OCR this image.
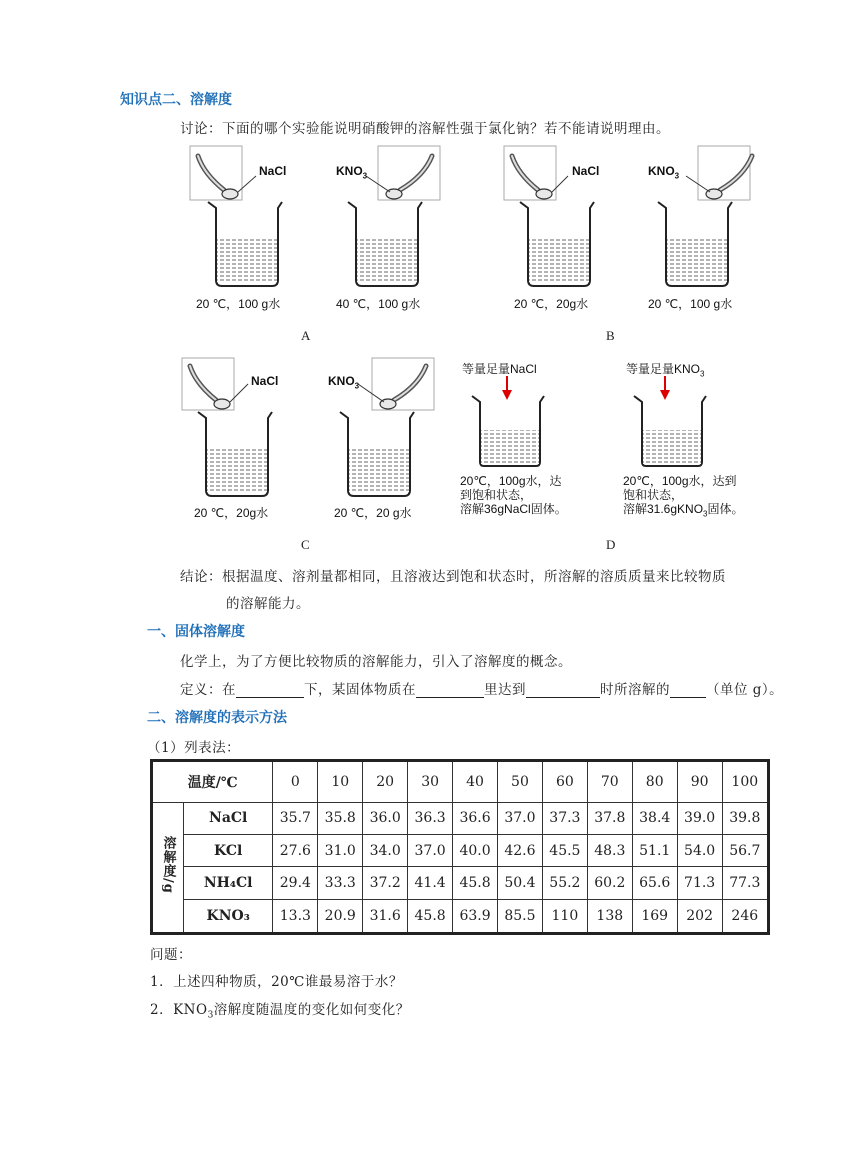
知识点二、溶解度
讨论：下面的哪个实验能说明硝酸钾的溶解性强于氯化钠？若不能请说明理由。
NaCl	$KNO_3$	NaCl	$KNO_3$
20 ℃，100 g水	40 ℃，100 g水	20 ℃，20g水	20 ℃，100 g水
A	B
NaCl	$KNO_3$
等量足量NaCl	等量足量$KNO_3$
20 ℃，20g水	20 ℃，20 g水
20℃，100g水，达
到饱和状态，
溶解36gNaCl固体。
20℃，100g水，达到
饱和状态，
溶解31.6gKNO$_3$固体。
C	D
结论：根据温度、溶剂量都相同，且溶液达到饱和状态时，所溶解的溶质质量来比较物质
的溶解能力。
一、固体溶解度
化学上，为了方便比较物质的溶解能力，引入了溶解度的概念。
定义：在	下，某固体物质在	里达到	时所溶解的	（单位 g）。
二、溶解度的表示方法
（1）列表法：
温度/℃		0	10	20	30	40	50	60	70	80	90	100
溶解度/g	NaCl	35.7	35.8	36.0	36.3	36.6	37.0	37.3	37.8	38.4	39.0	39.8
	KCl	27.6	31.0	34.0	37.0	40.0	42.6	45.5	48.3	51.1	54.0	56.7
	NH₄Cl	29.4	33.3	37.2	41.4	45.8	50.4	55.2	60.2	65.6	71.3	77.3
	KNO₃	13.3	20.9	31.6	45.8	63.9	85.5	110	138	169	202	246
问题：
1．上述四种物质，20℃谁最易溶于水？
2．$KNO_3$溶解度随温度的变化如何变化？
